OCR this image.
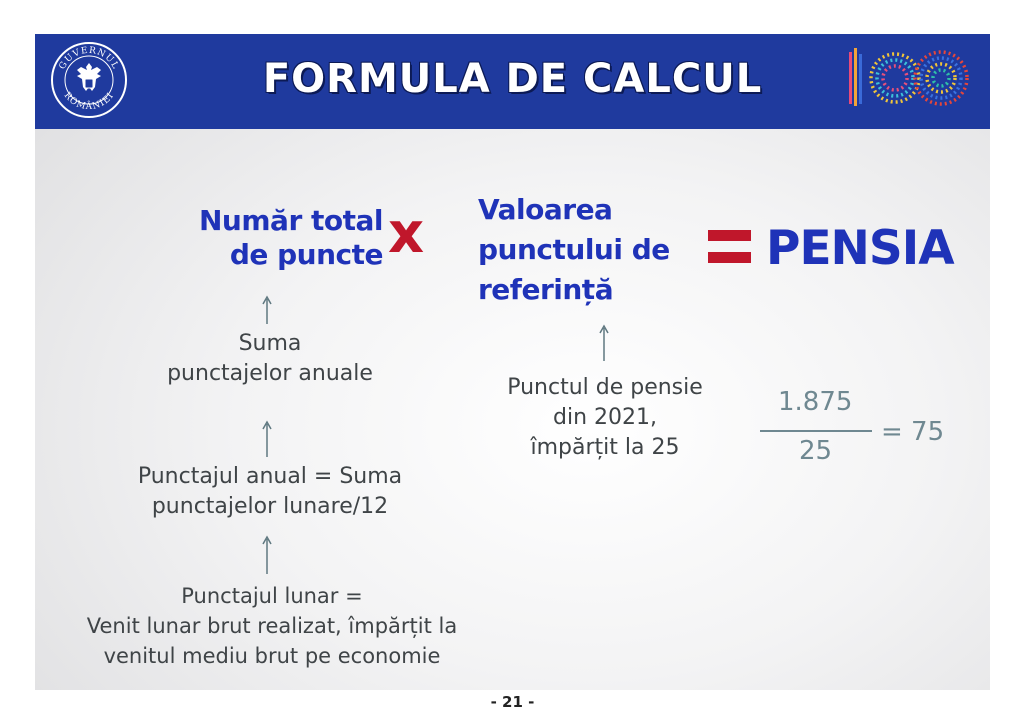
FORMULA DE CALCUL
GUVERNUL
ROMÂNIEI
Număr total
de puncte x Valoarea
punctului de
referință
PENSIA
Suma
punctajelor anuale
Punctajul anual = Suma
punctajelor lunare/12
Punctajul lunar =
Venit lunar brut realizat, împărțit la
venitul mediu brut pe economie
Punctul de pensie
din 2021,
împărțit la 25
1.875
25
= 75
- 21 -
